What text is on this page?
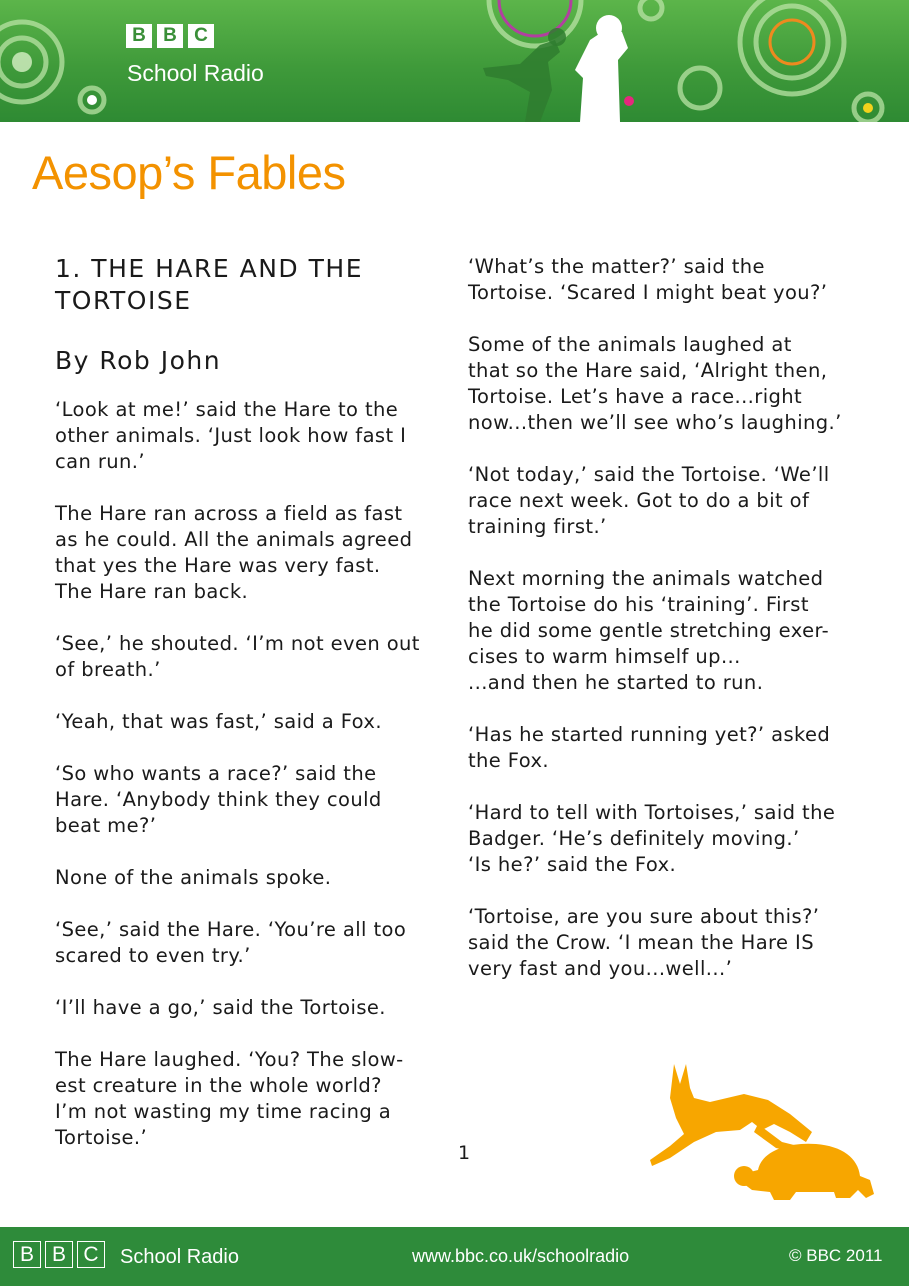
B B C
School Radio
Aesop’s Fables
1. THE HARE AND THE
TORTOISE
By Rob John

‘Look at me!’ said the Hare to the
other animals. ‘Just look how fast I
can run.’

The Hare ran across a field as fast
as he could. All the animals agreed
that yes the Hare was very fast.
The Hare ran back.

‘See,’ he shouted. ‘I’m not even out
of breath.’

‘Yeah, that was fast,’ said a Fox.

‘So who wants a race?’ said the
Hare. ‘Anybody think they could
beat me?’

None of the animals spoke.

‘See,’ said the Hare. ‘You’re all too
scared to even try.’

‘I’ll have a go,’ said the Tortoise.

The Hare laughed. ‘You? The slow-
est creature in the whole world?
I’m not wasting my time racing a
Tortoise.’

‘What’s the matter?’ said the
Tortoise. ‘Scared I might beat you?’

Some of the animals laughed at
that so the Hare said, ‘Alright then,
Tortoise. Let’s have a race...right
now...then we’ll see who’s laughing.’

‘Not today,’ said the Tortoise. ‘We’ll
race next week. Got to do a bit of
training first.’

Next morning the animals watched
the Tortoise do his ‘training’. First
he did some gentle stretching exer-
cises to warm himself up...
...and then he started to run.

‘Has he started running yet?’ asked
the Fox.

‘Hard to tell with Tortoises,’ said the
Badger. ‘He’s definitely moving.’
‘Is he?’ said the Fox.

‘Tortoise, are you sure about this?’
said the Crow. ‘I mean the Hare IS
very fast and you...well...’

1
B B C	School Radio	www.bbc.co.uk/schoolradio	© BBC 2011
